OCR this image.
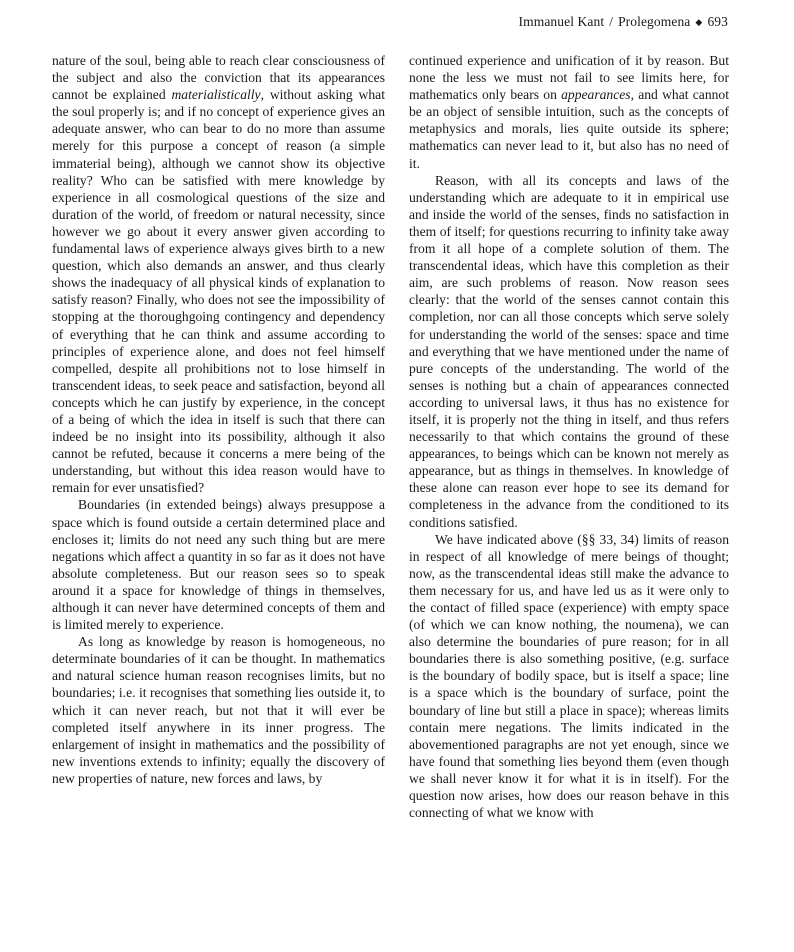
Immanuel Kant / Prolegomena ◆ 693

nature of the soul, being able to reach clear consciousness of the subject and also the conviction that its appearances cannot be explained materialistically, without asking what the soul properly is; and if no concept of experience gives an adequate answer, who can bear to do no more than assume merely for this purpose a concept of reason (a simple immaterial being), although we cannot show its objective reality? Who can be satisfied with mere knowledge by experience in all cosmological questions of the size and duration of the world, of freedom or natural necessity, since however we go about it every answer given according to fundamental laws of experience always gives birth to a new question, which also demands an answer, and thus clearly shows the inadequacy of all physical kinds of explanation to satisfy reason? Finally, who does not see the impossibility of stopping at the thoroughgoing contingency and dependency of everything that he can think and assume according to principles of experience alone, and does not feel himself compelled, despite all prohibitions not to lose himself in transcendent ideas, to seek peace and satisfaction, beyond all concepts which he can justify by experience, in the concept of a being of which the idea in itself is such that there can indeed be no insight into its possibility, although it also cannot be refuted, because it concerns a mere being of the understanding, but without this idea reason would have to remain for ever unsatisfied?

Boundaries (in extended beings) always presuppose a space which is found outside a certain determined place and encloses it; limits do not need any such thing but are mere negations which affect a quantity in so far as it does not have absolute completeness. But our reason sees so to speak around it a space for knowledge of things in themselves, although it can never have determined concepts of them and is limited merely to experience.

As long as knowledge by reason is homogeneous, no determinate boundaries of it can be thought. In mathematics and natural science human reason recognises limits, but no boundaries; i.e. it recognises that something lies outside it, to which it can never reach, but not that it will ever be completed itself anywhere in its inner progress. The enlargement of insight in mathematics and the possibility of new inventions extends to infinity; equally the discovery of new properties of nature, new forces and laws, by

continued experience and unification of it by reason. But none the less we must not fail to see limits here, for mathematics only bears on appearances, and what cannot be an object of sensible intuition, such as the concepts of metaphysics and morals, lies quite outside its sphere; mathematics can never lead to it, but also has no need of it.

Reason, with all its concepts and laws of the understanding which are adequate to it in empirical use and inside the world of the senses, finds no satisfaction in them of itself; for questions recurring to infinity take away from it all hope of a complete solution of them. The transcendental ideas, which have this completion as their aim, are such problems of reason. Now reason sees clearly: that the world of the senses cannot contain this completion, nor can all those concepts which serve solely for understanding the world of the senses: space and time and everything that we have mentioned under the name of pure concepts of the understanding. The world of the senses is nothing but a chain of appearances connected according to universal laws, it thus has no existence for itself, it is properly not the thing in itself, and thus refers necessarily to that which contains the ground of these appearances, to beings which can be known not merely as appearance, but as things in themselves. In knowledge of these alone can reason ever hope to see its demand for completeness in the advance from the conditioned to its conditions satisfied.

We have indicated above (§§ 33, 34) limits of reason in respect of all knowledge of mere beings of thought; now, as the transcendental ideas still make the advance to them necessary for us, and have led us as it were only to the contact of filled space (experience) with empty space (of which we can know nothing, the noumena), we can also determine the boundaries of pure reason; for in all boundaries there is also something positive, (e.g. surface is the boundary of bodily space, but is itself a space; line is a space which is the boundary of surface, point the boundary of line but still a place in space); whereas limits contain mere negations. The limits indicated in the abovementioned paragraphs are not yet enough, since we have found that something lies beyond them (even though we shall never know it for what it is in itself). For the question now arises, how does our reason behave in this connecting of what we know with
